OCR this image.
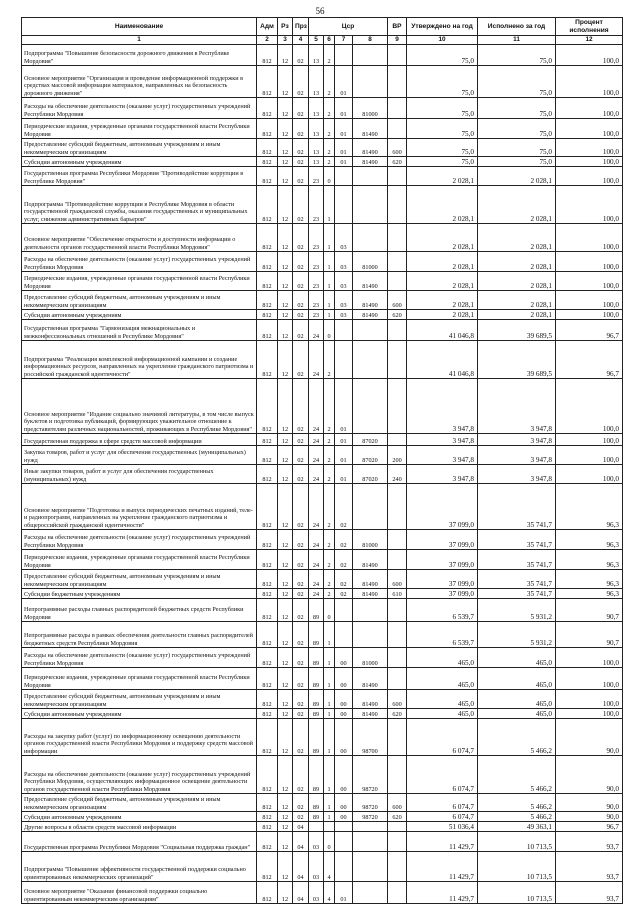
56
Наименование	Адм	Рз	Прз	Цср				ВР	Утверждено на год	Исполнено за год	Процент исполнения
1	2	3	4	5	6	7	8	9	10	11	12
Подпрограмма "Повышение безопасности дорожного движения в Республике Мордовия"	812	12	02	13	2				75,0	75,0	100,0
Основное мероприятие "Организация и проведение информационной поддержки в средствах массовой информации материалов, направленных на безопасность дорожного движения"	812	12	02	13	2	01			75,0	75,0	100,0
Расходы на обеспечение деятельности (оказание услуг) государственных учреждений Республики Мордовия	812	12	02	13	2	01	81000		75,0	75,0	100,0
Периодические издания, учрежденные органами государственной власти Республики Мордовия	812	12	02	13	2	01	81490		75,0	75,0	100,0
Предоставление субсидий бюджетным, автономным учреждениям и иным некоммерческим организациям	812	12	02	13	2	01	81490	600	75,0	75,0	100,0
Субсидии автономным учреждениям	812	12	02	13	2	01	81490	620	75,0	75,0	100,0
Государственная программа Республики Мордовия "Противодействие коррупции в Республике Мордовия"	812	12	02	23	0				2 028,1	2 028,1	100,0
Подпрограмма "Противодействие коррупции в Республике Мордовия в области государственной гражданской службы, оказания государственных и муниципальных услуг, снижения административных барьеров"	812	12	02	23	1				2 028,1	2 028,1	100,0
Основное мероприятие "Обеспечение открытости и доступности информации о деятельности органов государственной власти Республики Мордовия"	812	12	02	23	1	03			2 028,1	2 028,1	100,0
Расходы на обеспечение деятельности (оказание услуг) государственных учреждений Республики Мордовия	812	12	02	23	1	03	81000		2 028,1	2 028,1	100,0
Периодические издания, учрежденные органами государственной власти Республики Мордовия	812	12	02	23	1	03	81490		2 028,1	2 028,1	100,0
Предоставление субсидий бюджетным, автономным учреждениям и иным некоммерческим организациям	812	12	02	23	1	03	81490	600	2 028,1	2 028,1	100,0
Субсидии автономным учреждениям	812	12	02	23	1	03	81490	620	2 028,1	2 028,1	100,0
Государственная программа "Гармонизация межнациональных и межконфессиональных отношений в Республике Мордовия"	812	12	02	24	0				41 046,8	39 689,5	96,7
Подпрограмма "Реализация комплексной информационной кампании и создание информационных ресурсов, направленных на укрепление гражданского патриотизма и российской гражданской идентичности"	812	12	02	24	2				41 046,8	39 689,5	96,7
Основное мероприятие "Издание социально значимой литературы, в том числе выпуск буклетов и подготовка публикаций, формирующих уважительное отношение к представителям различных национальностей, проживающих в Республике Мордовия"	812	12	02	24	2	01			3 947,8	3 947,8	100,0
Государственная поддержка в сфере средств массовой информации	812	12	02	24	2	01	87020		3 947,8	3 947,8	100,0
Закупка товаров, работ и услуг для обеспечения государственных (муниципальных) нужд	812	12	02	24	2	01	87020	200	3 947,8	3 947,8	100,0
Иные закупки товаров, работ и услуг для обеспечения государственных (муниципальных) нужд	812	12	02	24	2	01	87020	240	3 947,8	3 947,8	100,0
Основное мероприятие "Подготовка и выпуск периодических печатных изданий, теле- и радиопрограмм, направленных на укрепление гражданского патриотизма и общероссийской гражданской идентичности"	812	12	02	24	2	02			37 099,0	35 741,7	96,3
Расходы на обеспечение деятельности (оказание услуг) государственных учреждений Республики Мордовия	812	12	02	24	2	02	81000		37 099,0	35 741,7	96,3
Периодические издания, учрежденные органами государственной власти Республики Мордовия	812	12	02	24	2	02	81490		37 099,0	35 741,7	96,3
Предоставление субсидий бюджетным, автономным учреждениям и иным некоммерческим организациям	812	12	02	24	2	02	81490	600	37 099,0	35 741,7	96,3
Субсидии бюджетным учреждениям	812	12	02	24	2	02	81490	610	37 099,0	35 741,7	96,3
Непрограммные расходы главных распорядителей бюджетных средств Республики Мордовия	812	12	02	89	0				6 539,7	5 931,2	90,7
Непрограммные расходы в рамках обеспечения деятельности главных распорядителей бюджетных средств Республики Мордовия	812	12	02	89	1				6 539,7	5 931,2	90,7
Расходы на обеспечение деятельности (оказание услуг) государственных учреждений Республики Мордовия	812	12	02	89	1	00	81000		465,0	465,0	100,0
Периодические издания, учрежденные органами государственной власти Республики Мордовия	812	12	02	89	1	00	81490		465,0	465,0	100,0
Предоставление субсидий бюджетным, автономным учреждениям и иным некоммерческим организациям	812	12	02	89	1	00	81490	600	465,0	465,0	100,0
Субсидии автономным учреждениям	812	12	02	89	1	00	81490	620	465,0	465,0	100,0
Расходы на закупку работ (услуг) по информационному освещению деятельности органов государственной власти Республики Мордовия и поддержку средств массовой информации	812	12	02	89	1	00	98700		6 074,7	5 466,2	90,0
Расходы на обеспечение деятельности (оказание услуг) государственных учреждений Республики Мордовия, осуществляющих информационное освещение деятельности органов государственной власти Республики Мордовия	812	12	02	89	1	00	98720		6 074,7	5 466,2	90,0
Предоставление субсидий бюджетным, автономным учреждениям и иным некоммерческим организациям	812	12	02	89	1	00	98720	600	6 074,7	5 466,2	90,0
Субсидии автономным учреждениям	812	12	02	89	1	00	98720	620	6 074,7	5 466,2	90,0
Другие вопросы в области средств массовой информации	812	12	04						51 036,4	49 363,1	96,7
Государственная программа Республики Мордовия "Социальная поддержка граждан"	812	12	04	03	0				11 429,7	10 713,5	93,7
Подпрограмма "Повышение эффективности государственной поддержки социально ориентированных некоммерческих организаций"	812	12	04	03	4				11 429,7	10 713,5	93,7
Основное мероприятие "Оказание финансовой поддержки социально ориентированным некоммерческим организациям"	812	12	04	03	4	01			11 429,7	10 713,5	93,7
